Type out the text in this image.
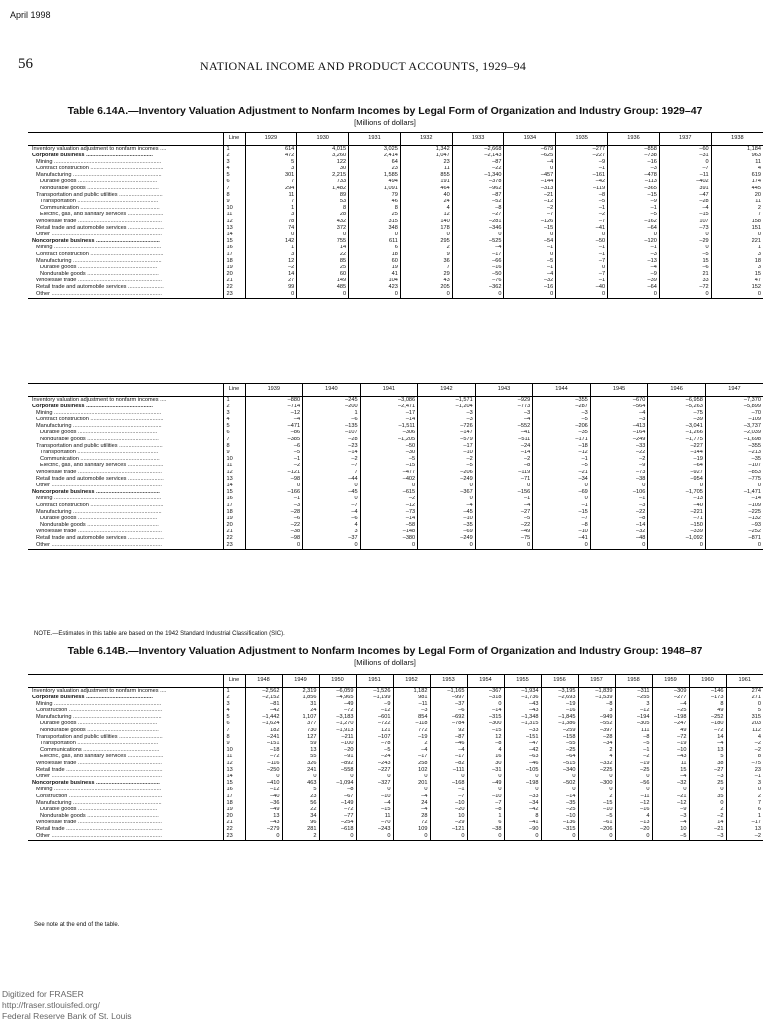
April 1998
56	NATIONAL INCOME AND PRODUCT ACCOUNTS, 1929–94
Table 6.14A.—Inventory Valuation Adjustment to Nonfarm Incomes by Legal Form of Organization and Industry Group: 1929–47
[Millions of dollars]
	Line	1929	1930	1931	1932	1933	1934	1935	1936	1937	1938
Inventory valuation adjustment to nonfarm incomes ....	1	614	4,015	3,025	1,342	–2,668	–679	–277	–858	–60	1,184
Corporate business ...........................................	2	472	3,260	2,414	1,047	–2,143	–625	–227	–738	–31	963
Mining .....................................................................	3	5	122	64	23	–87	–4	–9	–16	0	11
Contract construction ...............................................	4	3	30	23	11	–22	0	–1	–3	–7	4
Manufacturing .........................................................	5	301	2,215	1,585	855	–1,340	–457	–161	–478	–11	619
Durable goods ...................................................	6	7	733	494	191	–378	–144	–42	–113	–402	174
Nondurable goods ..............................................	7	294	1,482	1,091	464	–962	–313	–119	–365	391	445
Transportation and public utilities ............................	8	11	89	79	40	–87	–21	–8	–15	–47	20
Transportation ....................................................	9	7	53	46	24	–52	–12	–5	–9	–28	11
Communication ...................................................	10	1	8	8	4	–8	–2	–1	–1	–4	2
Electric, gas, and sanitary services .......................	11	3	28	25	12	–27	–7	–2	–5	–15	7
Wholesale trade ......................................................	12	78	432	315	140	–281	–126	–7	–162	107	158
Retail trade and automobile services .......................	13	74	372	348	178	–346	–15	–41	–64	–73	151
Other .......................................................................	14	0	0	0	0	0	0	0	0	0	0
Noncorporate business .........................................	15	142	755	611	295	–525	–54	–50	–120	–29	221
Mining .....................................................................	16	1	14	6	2	–4	–1	–1	–1	0	1
Contract construction ...............................................	17	3	22	18	9	–17	0	–1	–3	–5	3
Manufacturing .........................................................	18	12	85	60	36	–66	–5	–7	–13	15	18
Durable goods ...................................................	19	–2	25	19	7	–16	–1	0	–4	–6	3
Nondurable goods ..............................................	20	14	60	41	29	–50	–4	–7	–9	21	15
Wholesale trade ......................................................	21	27	149	104	43	–76	–32	–1	–39	33	47
Retail trade and automobile services .......................	22	99	485	423	205	–362	–16	–40	–64	–72	152
Other .......................................................................	23	0	0	0	0	0	0	0	0	0	0
	Line	1939	1940	1941	1942	1943	1944	1945	1946	1947
Inventory valuation adjustment to nonfarm incomes ....	1	–880	–245	–3,086	–1,571	–929	–355	–670	–6,958	–7,370
Corporate business ...........................................	2	–714	–200	–2,471	–1,204	–773	–287	–564	–5,263	–5,899
Mining .....................................................................	3	–12	1	–17	–3	–3	–3	–4	–75	–70
Contract construction ...............................................	4	–4	–6	–14	–3	–4	–5	–3	–39	–109
Manufacturing .........................................................	5	–471	–135	–1,511	–726	–552	–206	–413	–3,041	–3,737
Durable goods ...................................................	6	–86	–107	–306	–147	–41	–35	–164	–1,266	–2,039
Nondurable goods ..............................................	7	–385	–28	–1,205	–579	–511	–171	–249	–1,775	–1,698
Transportation and public utilities ............................	8	–6	–23	–50	–17	–24	–18	–33	–227	–355
Transportation ....................................................	9	–5	–14	–30	–10	–14	–12	–22	–144	–213
Communication ...................................................	10	–1	–2	–5	–2	–2	–1	–2	–19	–35
Electric, gas, and sanitary services .......................	11	–2	–7	–15	–5	–8	–5	–9	–64	–107
Wholesale trade ......................................................	12	–121	7	–477	–206	–119	–21	–73	–927	–853
Retail trade and automobile services .......................	13	–98	–44	–402	–249	–71	–34	–38	–954	–775
Other .......................................................................	14	0	0	0	0	0	0	0	0	0
Noncorporate business .........................................	15	–166	–45	–615	–367	–156	–69	–106	–1,705	–1,471
Mining .....................................................................	16	–1	0	–2	0	–1	0	–1	–13	–14
Contract construction ...............................................	17	–3	–7	–12	–4	–4	–1	–3	–40	–109
Manufacturing .........................................................	18	–28	–4	–73	–45	–27	–15	–22	–221	–225
Durable goods ...................................................	19	–6	–6	–14	–10	–5	–7	–8	–71	–132
Nondurable goods ..............................................	20	–22	4	–58	–35	–22	–8	–14	–150	–93
Wholesale trade ......................................................	21	–38	3	–148	–69	–49	–10	–32	–339	–252
Retail trade and automobile services .......................	22	–98	–37	–380	–249	–75	–41	–48	–1,092	–871
Other .......................................................................	23	0	0	0	0	0	0	0	0	0
NOTE.—Estimates in this table are based on the 1942 Standard Industrial Classification (SIC).
Table 6.14B.—Inventory Valuation Adjustment to Nonfarm Incomes by Legal Form of Organization and Industry Group: 1948–87
[Millions of dollars]
	Line	1948	1949	1950	1951	1952	1953	1954	1955	1956	1957	1958	1959	1960	1961
Inventory valuation adjustment to nonfarm incomes ....	1	–2,562	2,319	–6,059	–1,526	1,182	–1,165	–367	–1,934	–3,195	–1,839	–311	–309	–146	274
Corporate business ...........................................	2	–2,152	1,856	–4,965	–1,199	981	–997	–318	–1,736	–2,693	–1,539	–255	–277	–173	271
Mining .....................................................................	3	–81	31	–49	–9	–11	–37	0	–43	–19	–8	3	–4	8	0
Construction ............................................................	4	–42	24	–72	–12	–3	–6	–14	–43	–16	3	–12	–25	49	5
Manufacturing .........................................................	5	–1,442	1,107	–3,183	–601	854	–692	–315	–1,348	–1,845	–949	–194	–198	–252	315
Durable goods ...................................................	6	–1,624	377	–1,270	–722	–118	–784	–300	–1,315	–1,386	–552	–305	–247	–180	203
Nondurable goods ..............................................	7	182	730	–1,913	121	772	92	–15	–33	–259	–397	111	49	–72	112
Transportation and public utilities ............................	8	–241	127	–211	–107	–19	–87	12	–151	–158	–28	–8	–72	14	4
Transportation ....................................................	9	–151	59	–100	–78	2	–46	–8	–47	–55	–34	–5	–19	–4	–2
Communications .................................................	10	–18	13	–20	–5	–4	–4	4	–42	–25	2	–1	–10	13	–2
Electric, gas, and sanitary services .......................	11	–72	55	–91	–24	–17	–17	16	–63	–64	4	–2	–43	5	8
Wholesale trade ......................................................	12	–116	326	–892	–243	258	–82	30	–46	–515	–332	–19	11	38	–75
Retail trade ..............................................................	13	–250	241	–558	–227	102	–111	–31	–105	–340	–225	–25	15	–27	23
Other .......................................................................	14	0	0	0	0	0	0	0	0	0	0	0	–4	–3	–1
Noncorporate business .........................................	15	–410	463	–1,094	–327	201	–168	–49	–198	–502	–300	–56	–32	25	3
Mining .....................................................................	16	–12	5	–8	0	0	–1	0	0	0	0	0	0	0	0
Construction ............................................................	17	–40	23	–67	–10	–4	–7	–10	–33	–14	2	–11	–21	35	2
Manufacturing .........................................................	18	–36	56	–149	–4	24	–10	–7	–34	–35	–15	–12	–12	0	7
Durable goods ...................................................	19	–49	22	–72	–15	–4	–20	–8	–42	–25	–10	–16	–9	2	6
Nondurable goods ..............................................	20	13	34	–77	11	28	10	1	8	–10	–5	4	–3	–2	1
Wholesale trade ......................................................	21	–43	96	–254	–70	72	–29	6	–41	–136	–61	–13	–4	14	–17
Retail trade ..............................................................	22	–279	281	–618	–243	109	–121	–38	–90	–315	–206	–20	10	–21	13
Other .......................................................................	23	0	2	0	0	0	0	0	0	0	0	0	–5	–3	–2
See note at the end of the table.
Digitized for FRASER
http://fraser.stlouisfed.org/
Federal Reserve Bank of St. Louis
